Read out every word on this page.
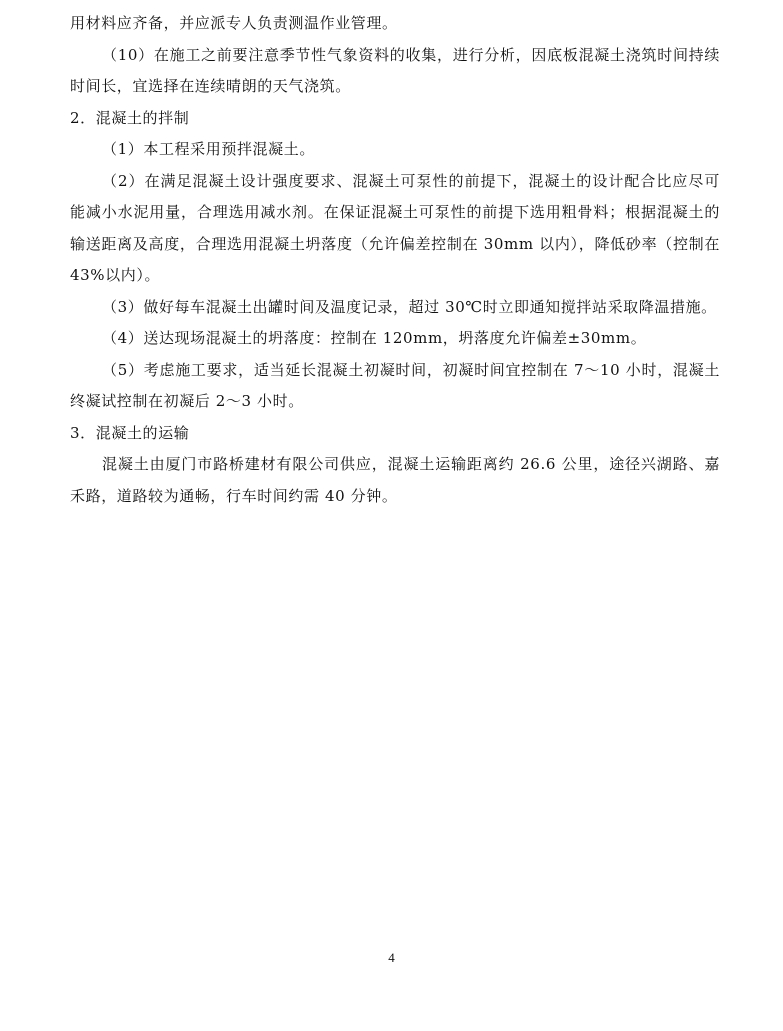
用材料应齐备，并应派专人负责测温作业管理。

（10）在施工之前要注意季节性气象资料的收集，进行分析，因底板混凝土浇筑时间持续时间长，宜选择在连续晴朗的天气浇筑。

2．混凝土的拌制

（1）本工程采用预拌混凝土。

（2）在满足混凝土设计强度要求、混凝土可泵性的前提下，混凝土的设计配合比应尽可能减小水泥用量，合理选用减水剂。在保证混凝土可泵性的前提下选用粗骨料；根据混凝土的输送距离及高度，合理选用混凝土坍落度（允许偏差控制在 30mm 以内），降低砂率（控制在 43%以内）。

（3）做好每车混凝土出罐时间及温度记录，超过 30℃时立即通知搅拌站采取降温措施。

（4）送达现场混凝土的坍落度：控制在 120mm，坍落度允许偏差±30mm。

（5）考虑施工要求，适当延长混凝土初凝时间，初凝时间宜控制在 7～10 小时，混凝土终凝试控制在初凝后 2～3 小时。

3．混凝土的运输

混凝土由厦门市路桥建材有限公司供应，混凝土运输距离约 26.6 公里，途径兴湖路、嘉禾路，道路较为通畅，行车时间约需 40 分钟。

4
